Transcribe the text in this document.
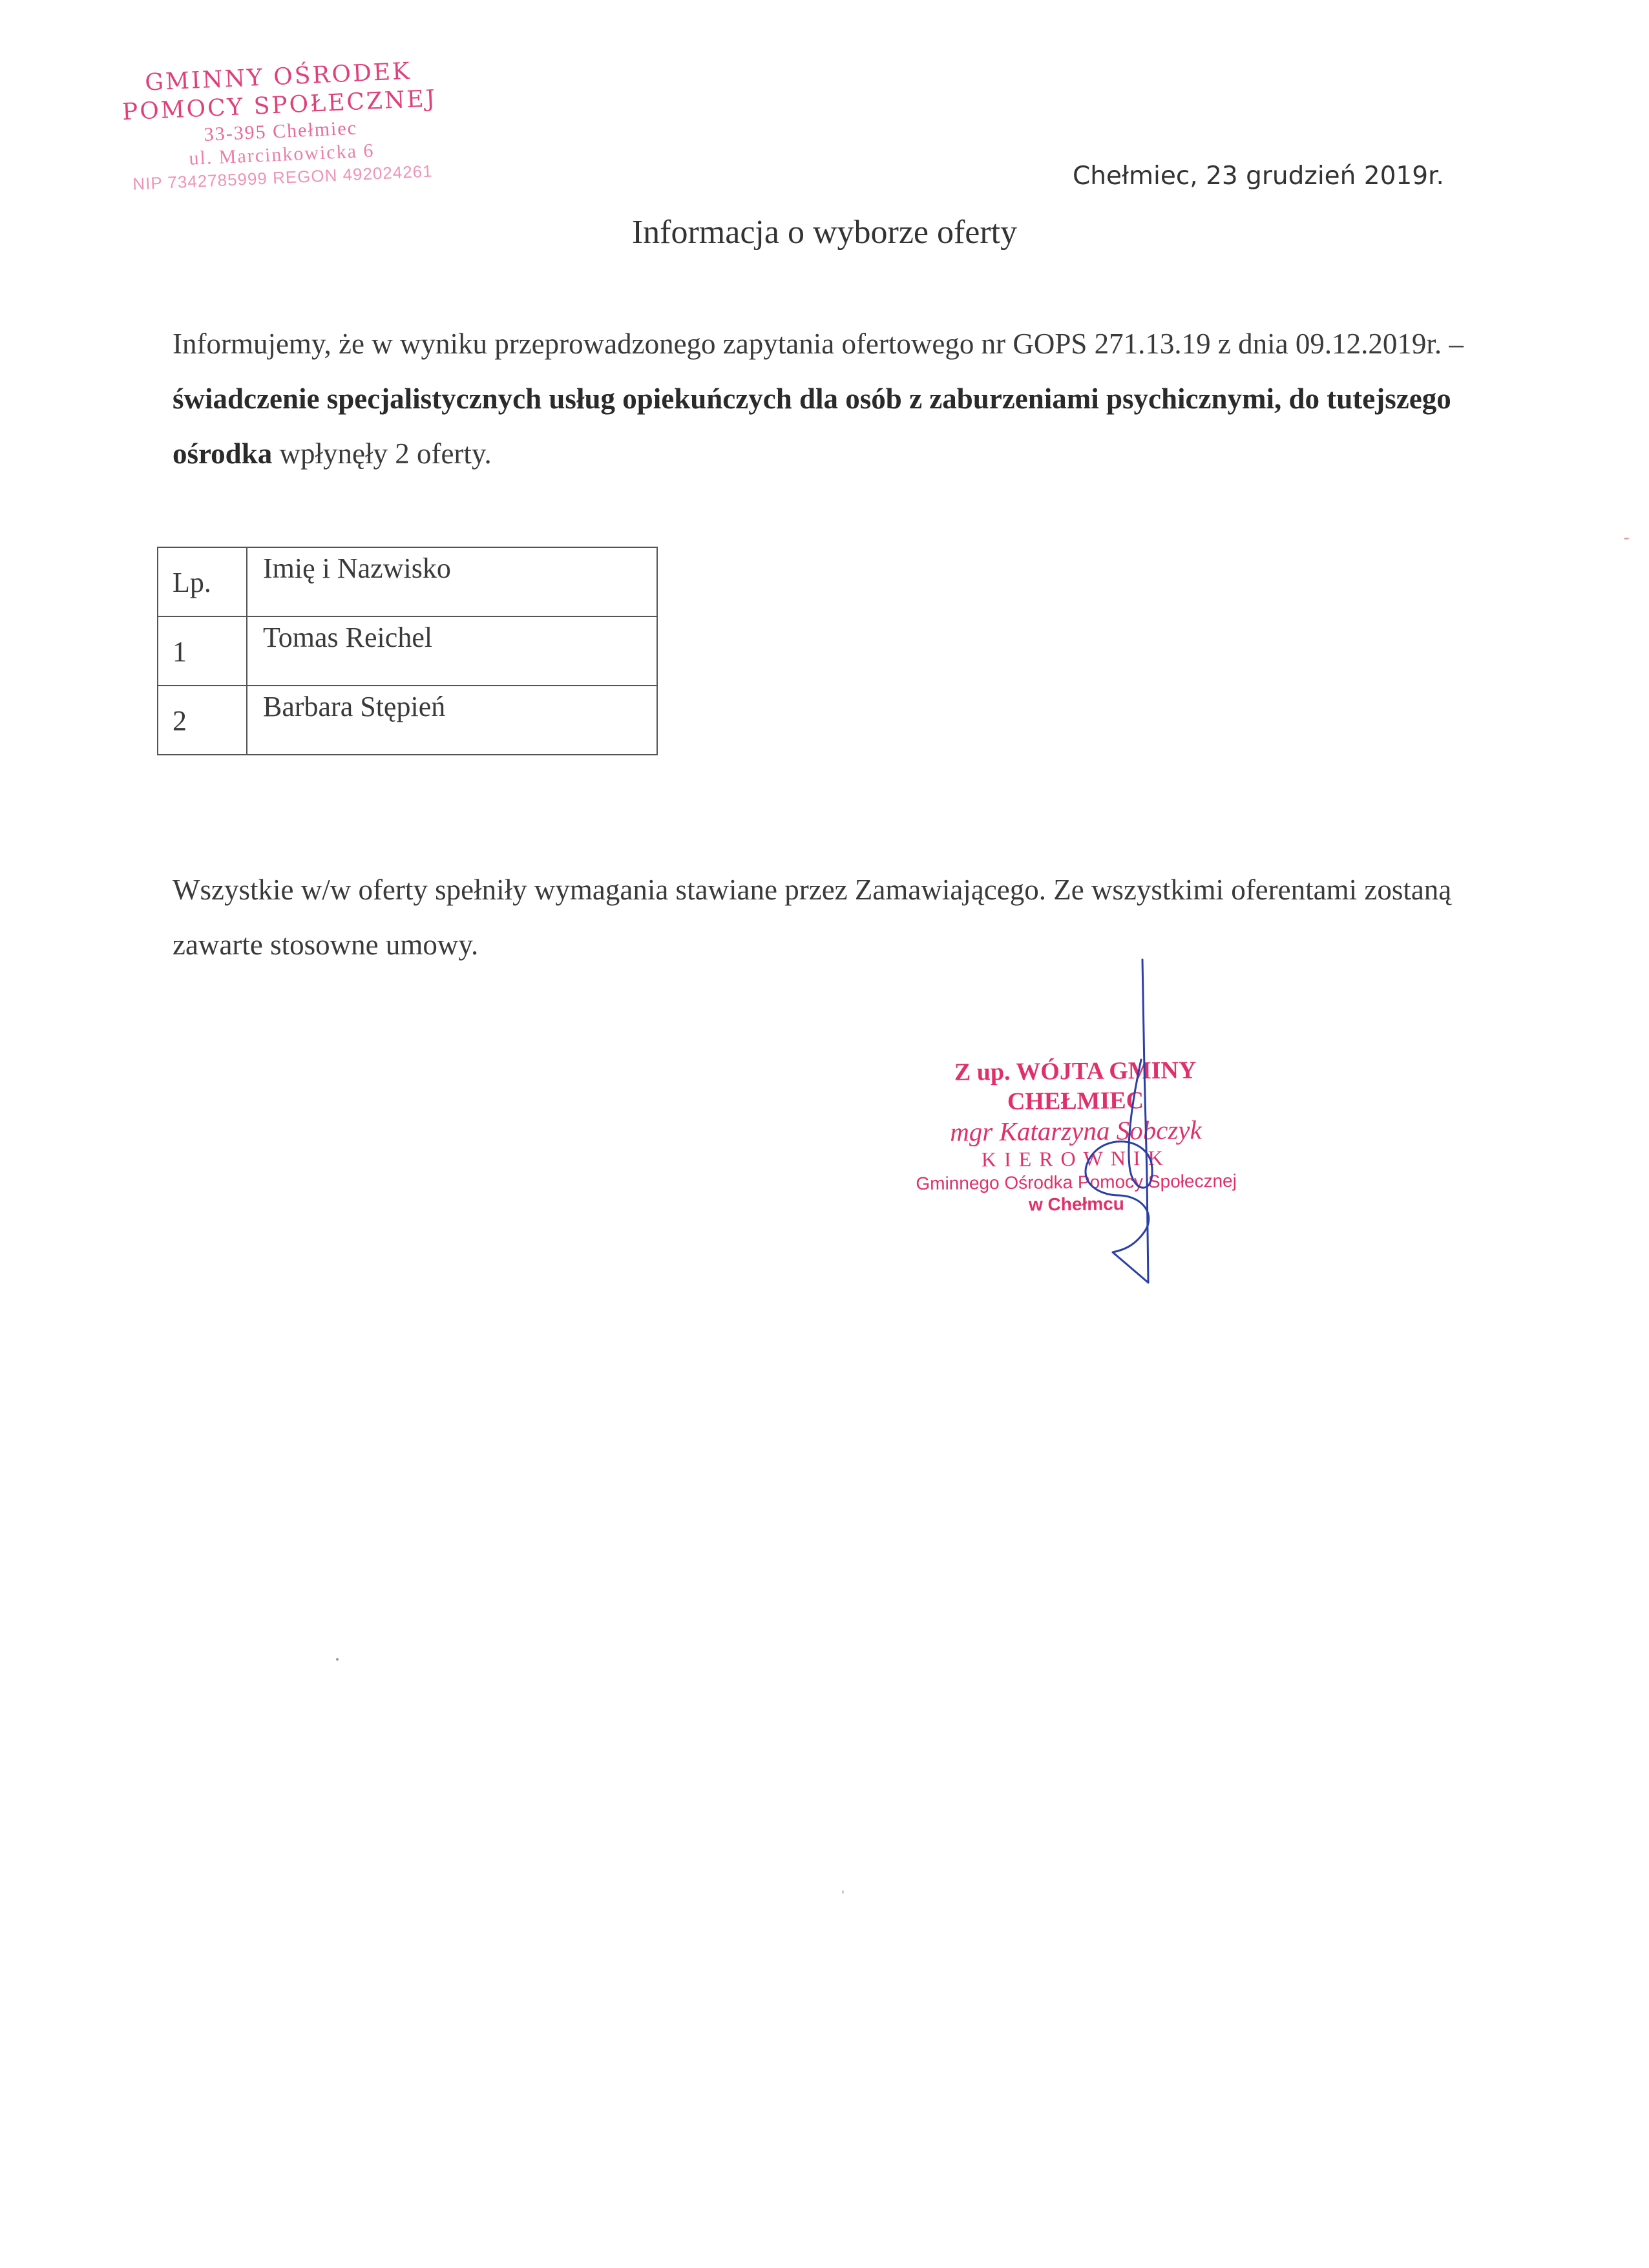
GMINNY OŚRODEK
POMOCY SPOŁECZNEJ
33-395 Chełmiec
ul. Marcinkowicka 6
NIP 7342785999 REGON 492024261	Chełmiec, 23 grudzień 2019r.
Informacja o wyborze oferty
Informujemy, że w wyniku przeprowadzonego zapytania ofertowego nr GOPS 271.13.19 z dnia 09.12.2019r. – świadczenie specjalistycznych usług opiekuńczych dla osób z zaburzeniami psychicznymi, do tutejszego ośrodka wpłynęły 2 oferty.
Lp.	Imię i Nazwisko
1	Tomas Reichel
2	Barbara Stępień
Wszystkie w/w oferty spełniły wymagania stawiane przez Zamawiającego. Ze wszystkimi oferentami zostaną zawarte stosowne umowy.
Z up. WÓJTA GMINY CHEŁMIEC
mgr Katarzyna Sobczyk
KIEROWNIK
Gminnego Ośrodka Pomocy Społecznej
w Chełmcu
